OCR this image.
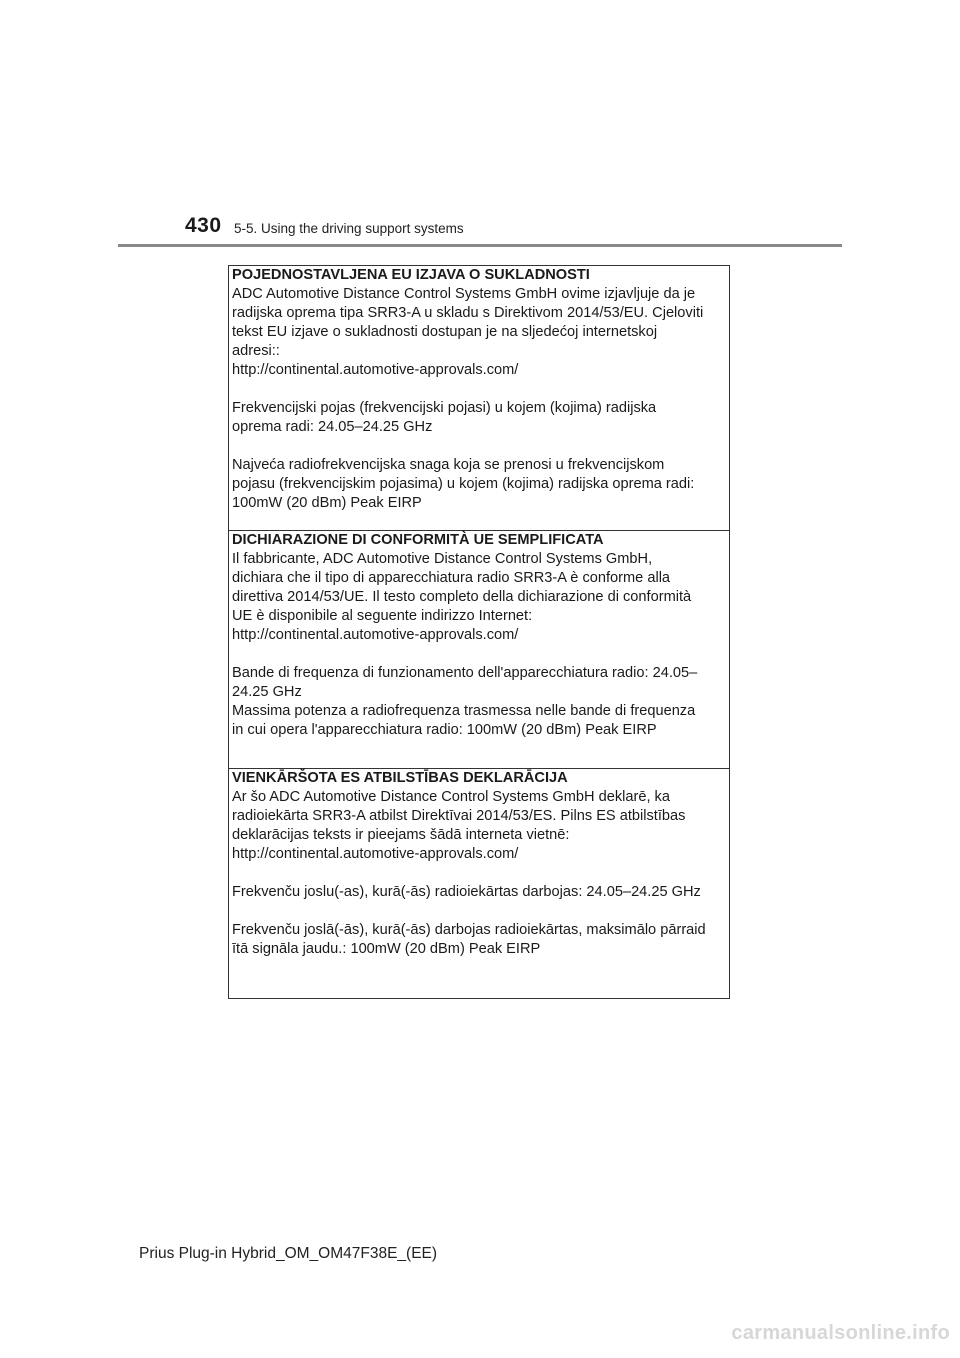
430 5-5. Using the driving support systems
POJEDNOSTAVLJENA EU IZJAVA O SUKLADNOSTI
ADC Automotive Distance Control Systems GmbH ovime izjavljuje da je
radijska oprema tipa SRR3-A u skladu s Direktivom 2014/53/EU. Cjeloviti
tekst EU izjave o sukladnosti dostupan je na sljedećoj internetskoj
adresi::
http://continental.automotive-approvals.com/
Frekvencijski pojas (frekvencijski pojasi) u kojem (kojima) radijska
oprema radi: 24.05–24.25 GHz
Najveća radiofrekvencijska snaga koja se prenosi u frekvencijskom
pojasu (frekvencijskim pojasima) u kojem (kojima) radijska oprema radi:
100mW (20 dBm) Peak EIRP
DICHIARAZIONE DI CONFORMITÀ UE SEMPLIFICATA
Il fabbricante, ADC Automotive Distance Control Systems GmbH,
dichiara che il tipo di apparecchiatura radio SRR3-A è conforme alla
direttiva 2014/53/UE. Il testo completo della dichiarazione di conformità
UE è disponibile al seguente indirizzo Internet:
http://continental.automotive-approvals.com/
Bande di frequenza di funzionamento dell'apparecchiatura radio: 24.05–
24.25 GHz
Massima potenza a radiofrequenza trasmessa nelle bande di frequenza
in cui opera l'apparecchiatura radio: 100mW (20 dBm) Peak EIRP
VIENKĀRŠOTA ES ATBILSTĪBAS DEKLARĀCIJA
Ar šo ADC Automotive Distance Control Systems GmbH deklarē, ka
radioiekārta SRR3-A atbilst Direktīvai 2014/53/ES. Pilns ES atbilstības
deklarācijas teksts ir pieejams šādā interneta vietnē:
http://continental.automotive-approvals.com/
Frekvenču joslu(-as), kurā(-ās) radioiekārtas darbojas: 24.05–24.25 GHz
Frekvenču joslā(-ās), kurā(-ās) darbojas radioiekārtas, maksimālo pārraid
ītā signāla jaudu.: 100mW (20 dBm) Peak EIRP
Prius Plug-in Hybrid_OM_OM47F38E_(EE)
carmanualsonline.info
